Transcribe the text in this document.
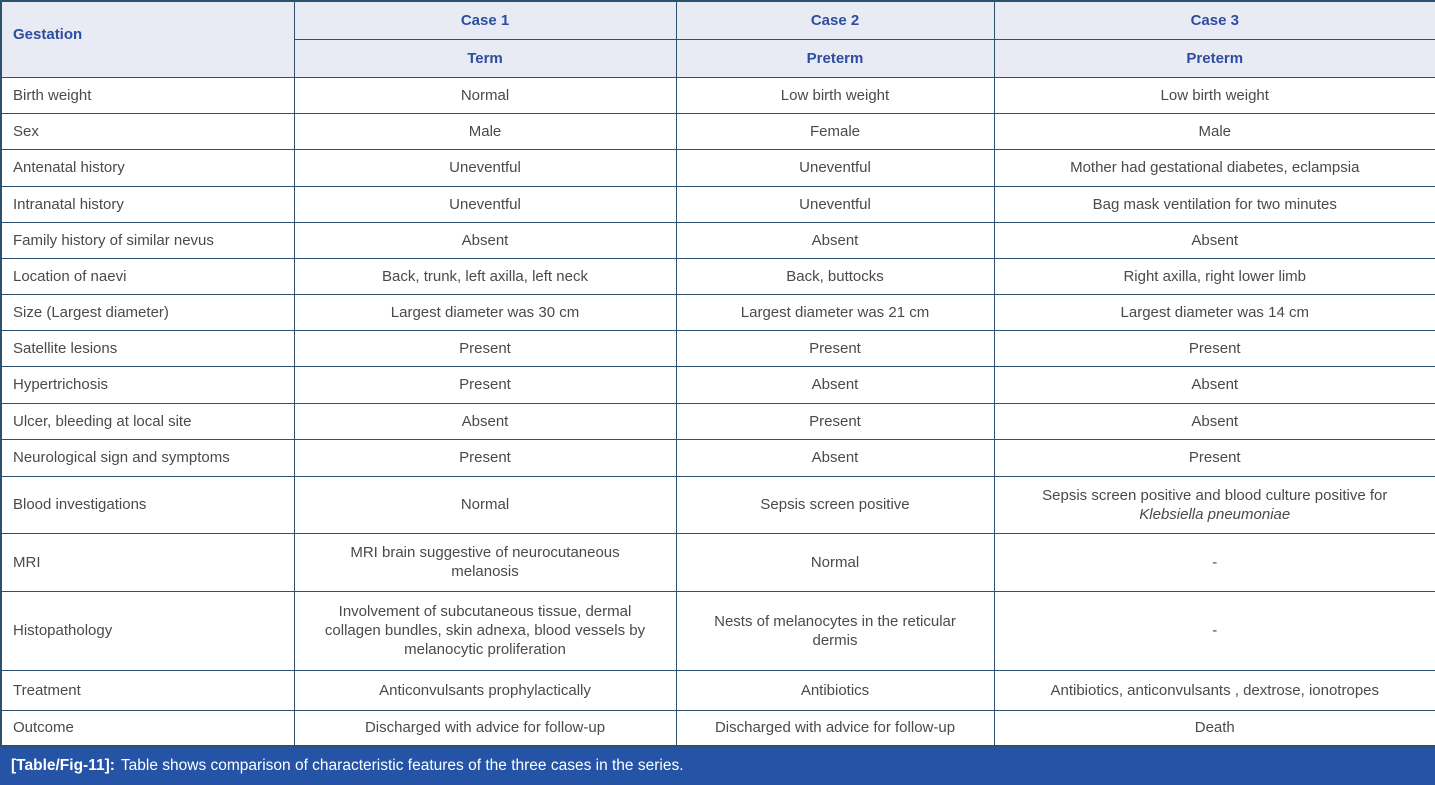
Gestation	Case 1	Case 2	Case 3
	Term	Preterm	Preterm
Birth weight	Normal	Low birth weight	Low birth weight
Sex	Male	Female	Male
Antenatal history	Uneventful	Uneventful	Mother had gestational diabetes, eclampsia
Intranatal history	Uneventful	Uneventful	Bag mask ventilation for two minutes
Family history of similar nevus	Absent	Absent	Absent
Location of naevi	Back, trunk, left axilla, left neck	Back, buttocks	Right axilla, right lower limb
Size (Largest diameter)	Largest diameter was 30 cm	Largest diameter was 21 cm	Largest diameter was 14 cm
Satellite lesions	Present	Present	Present
Hypertrichosis	Present	Absent	Absent
Ulcer, bleeding at local site	Absent	Present	Absent
Neurological sign and symptoms	Present	Absent	Present
Blood investigations	Normal	Sepsis screen positive	Sepsis screen positive and blood culture positive for Klebsiella pneumoniae
MRI	MRI brain suggestive of neurocutaneous melanosis	Normal	-
Histopathology	Involvement of subcutaneous tissue, dermal collagen bundles, skin adnexa, blood vessels by melanocytic proliferation	Nests of melanocytes in the reticular dermis	-
Treatment	Anticonvulsants prophylactically	Antibiotics	Antibiotics, anticonvulsants , dextrose, ionotropes
Outcome	Discharged with advice for follow-up	Discharged with advice for follow-up	Death
[Table/Fig-11]: Table shows comparison of characteristic features of the three cases in the series.
